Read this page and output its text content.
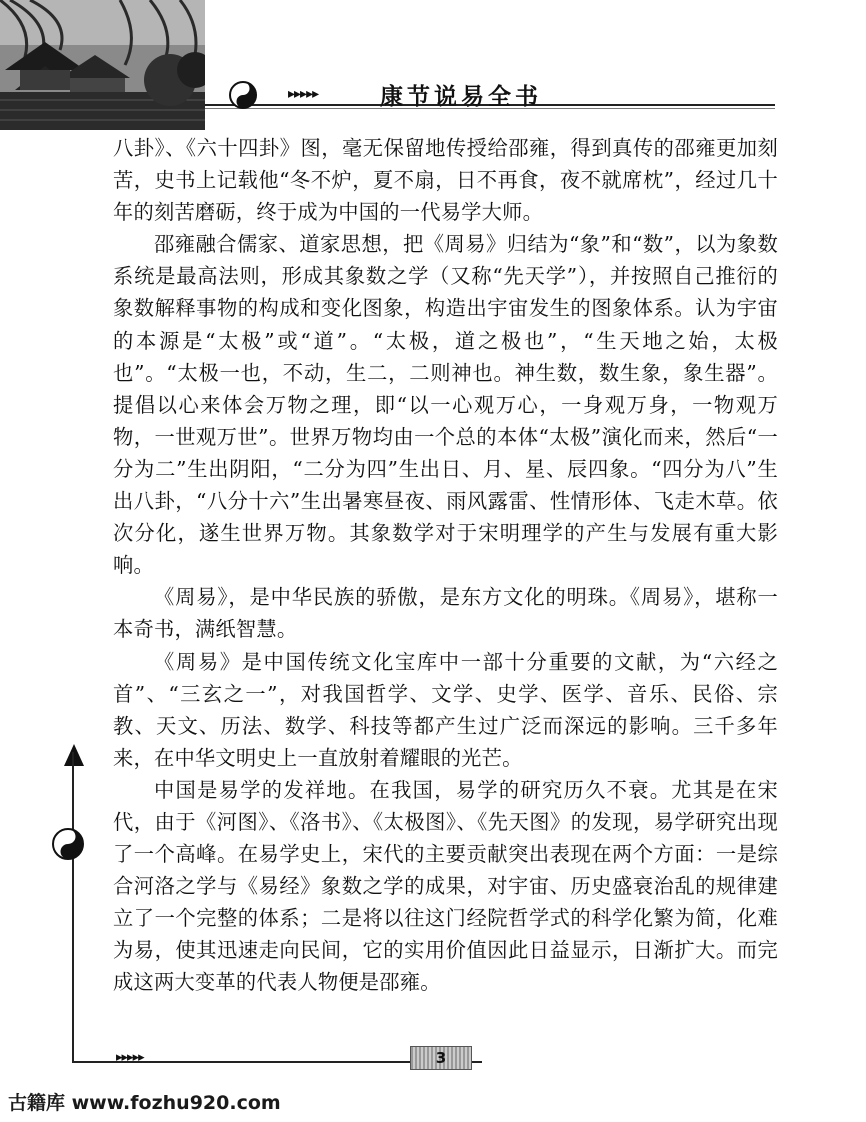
▸▸▸▸▸	康节说易全书

八卦》、《六十四卦》图，毫无保留地传授给邵雍，得到真传的邵雍更加刻苦，史书上记载他“冬不炉，夏不扇，日不再食，夜不就席枕”，经过几十年的刻苦磨砺，终于成为中国的一代易学大师。

邵雍融合儒家、道家思想，把《周易》归结为“象”和“数”，以为象数系统是最高法则，形成其象数之学（又称“先天学”），并按照自己推衍的象数解释事物的构成和变化图象，构造出宇宙发生的图象体系。认为宇宙的本源是“太极”或“道”。“太极，道之极也”，“生天地之始，太极也”。“太极一也，不动，生二，二则神也。神生数，数生象，象生器”。提倡以心来体会万物之理，即“以一心观万心，一身观万身，一物观万物，一世观万世”。世界万物均由一个总的本体“太极”演化而来，然后“一分为二”生出阴阳，“二分为四”生出日、月、星、辰四象。“四分为八”生出八卦，“八分十六”生出暑寒昼夜、雨风露雷、性情形体、飞走木草。依次分化，遂生世界万物。其象数学对于宋明理学的产生与发展有重大影响。

《周易》，是中华民族的骄傲，是东方文化的明珠。《周易》，堪称一本奇书，满纸智慧。

《周易》是中国传统文化宝库中一部十分重要的文献，为“六经之首”、“三玄之一”，对我国哲学、文学、史学、医学、音乐、民俗、宗教、天文、历法、数学、科技等都产生过广泛而深远的影响。三千多年来，在中华文明史上一直放射着耀眼的光芒。

中国是易学的发祥地。在我国，易学的研究历久不衰。尤其是在宋代，由于《河图》、《洛书》、《太极图》、《先天图》的发现，易学研究出现了一个高峰。在易学史上，宋代的主要贡献突出表现在两个方面：一是综合河洛之学与《易经》象数之学的成果，对宇宙、历史盛衰治乱的规律建立了一个完整的体系；二是将以往这门经院哲学式的科学化繁为简，化难为易，使其迅速走向民间，它的实用价值因此日益显示，日渐扩大。而完成这两大变革的代表人物便是邵雍。

▸▸▸▸▸	3
古籍库 www.fozhu920.com
